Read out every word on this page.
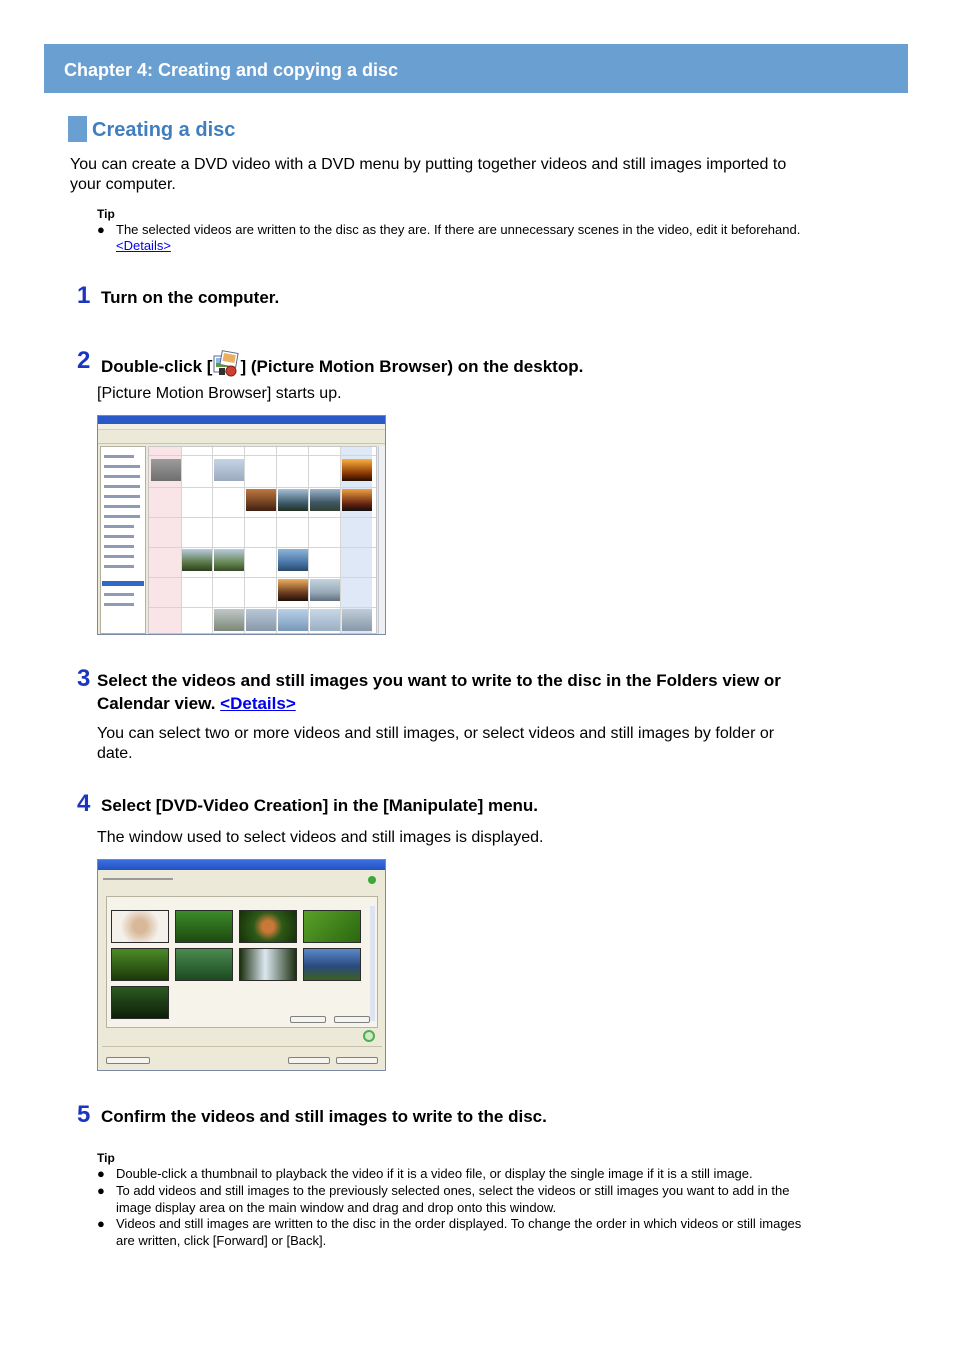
Chapter 4: Creating and copying a disc
Creating a disc
You can create a DVD video with a DVD menu by putting together videos and still images imported to
your computer.
Tip
● The selected videos are written to the disc as they are. If there are unnecessary scenes in the video, edit it beforehand.
<Details>
1 Turn on the computer.
2 Double-click [ ] (Picture Motion Browser) on the desktop.
[Picture Motion Browser] starts up.
3 Select the videos and still images you want to write to the disc in the Folders view or
Calendar view. <Details>
You can select two or more videos and still images, or select videos and still images by folder or
date.
4 Select [DVD-Video Creation] in the [Manipulate] menu.
The window used to select videos and still images is displayed.
5 Confirm the videos and still images to write to the disc.
Tip
● Double-click a thumbnail to playback the video if it is a video file, or display the single image if it is a still image.
● To add videos and still images to the previously selected ones, select the videos or still images you want to add in the
image display area on the main window and drag and drop onto this window.
● Videos and still images are written to the disc in the order displayed. To change the order in which videos or still images
are written, click [Forward] or [Back].
